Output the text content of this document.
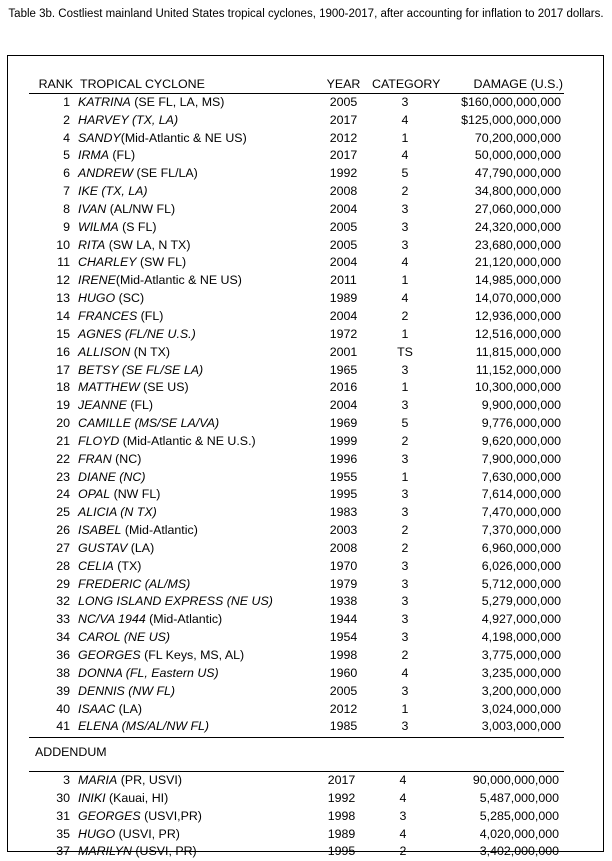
Table 3b. Costliest mainland United States tropical cyclones, 1900-2017, after accounting for inflation to 2017 dollars.
RANK	TROPICAL CYCLONE	YEAR	CATEGORY	DAMAGE (U.S.)
1	KATRINA (SE FL, LA, MS)	2005	3	$160,000,000,000
2	HARVEY (TX, LA)	2017	4	$125,000,000,000
4	SANDY(Mid-Atlantic & NE US)	2012	1	70,200,000,000
5	IRMA (FL)	2017	4	50,000,000,000
6	ANDREW (SE FL/LA)	1992	5	47,790,000,000
7	IKE (TX, LA)	2008	2	34,800,000,000
8	IVAN (AL/NW FL)	2004	3	27,060,000,000
9	WILMA (S FL)	2005	3	24,320,000,000
10	RITA (SW LA, N TX)	2005	3	23,680,000,000
11	CHARLEY (SW FL)	2004	4	21,120,000,000
12	IRENE(Mid-Atlantic & NE US)	2011	1	14,985,000,000
13	HUGO (SC)	1989	4	14,070,000,000
14	FRANCES (FL)	2004	2	12,936,000,000
15	AGNES (FL/NE U.S.)	1972	1	12,516,000,000
16	ALLISON (N TX)	2001	TS	11,815,000,000
17	BETSY (SE FL/SE LA)	1965	3	11,152,000,000
18	MATTHEW (SE US)	2016	1	10,300,000,000
19	JEANNE (FL)	2004	3	9,900,000,000
20	CAMILLE (MS/SE LA/VA)	1969	5	9,776,000,000
21	FLOYD (Mid-Atlantic & NE U.S.)	1999	2	9,620,000,000
22	FRAN (NC)	1996	3	7,900,000,000
23	DIANE (NC)	1955	1	7,630,000,000
24	OPAL (NW FL)	1995	3	7,614,000,000
25	ALICIA (N TX)	1983	3	7,470,000,000
26	ISABEL (Mid-Atlantic)	2003	2	7,370,000,000
27	GUSTAV (LA)	2008	2	6,960,000,000
28	CELIA (TX)	1970	3	6,026,000,000
29	FREDERIC (AL/MS)	1979	3	5,712,000,000
32	LONG ISLAND EXPRESS (NE US)	1938	3	5,279,000,000
33	NC/VA 1944 (Mid-Atlantic)	1944	3	4,927,000,000
34	CAROL (NE US)	1954	3	4,198,000,000
36	GEORGES (FL Keys, MS, AL)	1998	2	3,775,000,000
38	DONNA (FL, Eastern US)	1960	4	3,235,000,000
39	DENNIS (NW FL)	2005	3	3,200,000,000
40	ISAAC (LA)	2012	1	3,024,000,000
41	ELENA (MS/AL/NW FL)	1985	3	3,003,000,000
ADDENDUM
3	MARIA (PR, USVI)	2017	4	90,000,000,000
30	INIKI (Kauai, HI)	1992	4	5,487,000,000
31	GEORGES (USVI,PR)	1998	3	5,285,000,000
35	HUGO (USVI, PR)	1989	4	4,020,000,000
37	MARILYN (USVI, PR)	1995	2	3,402,000,000
